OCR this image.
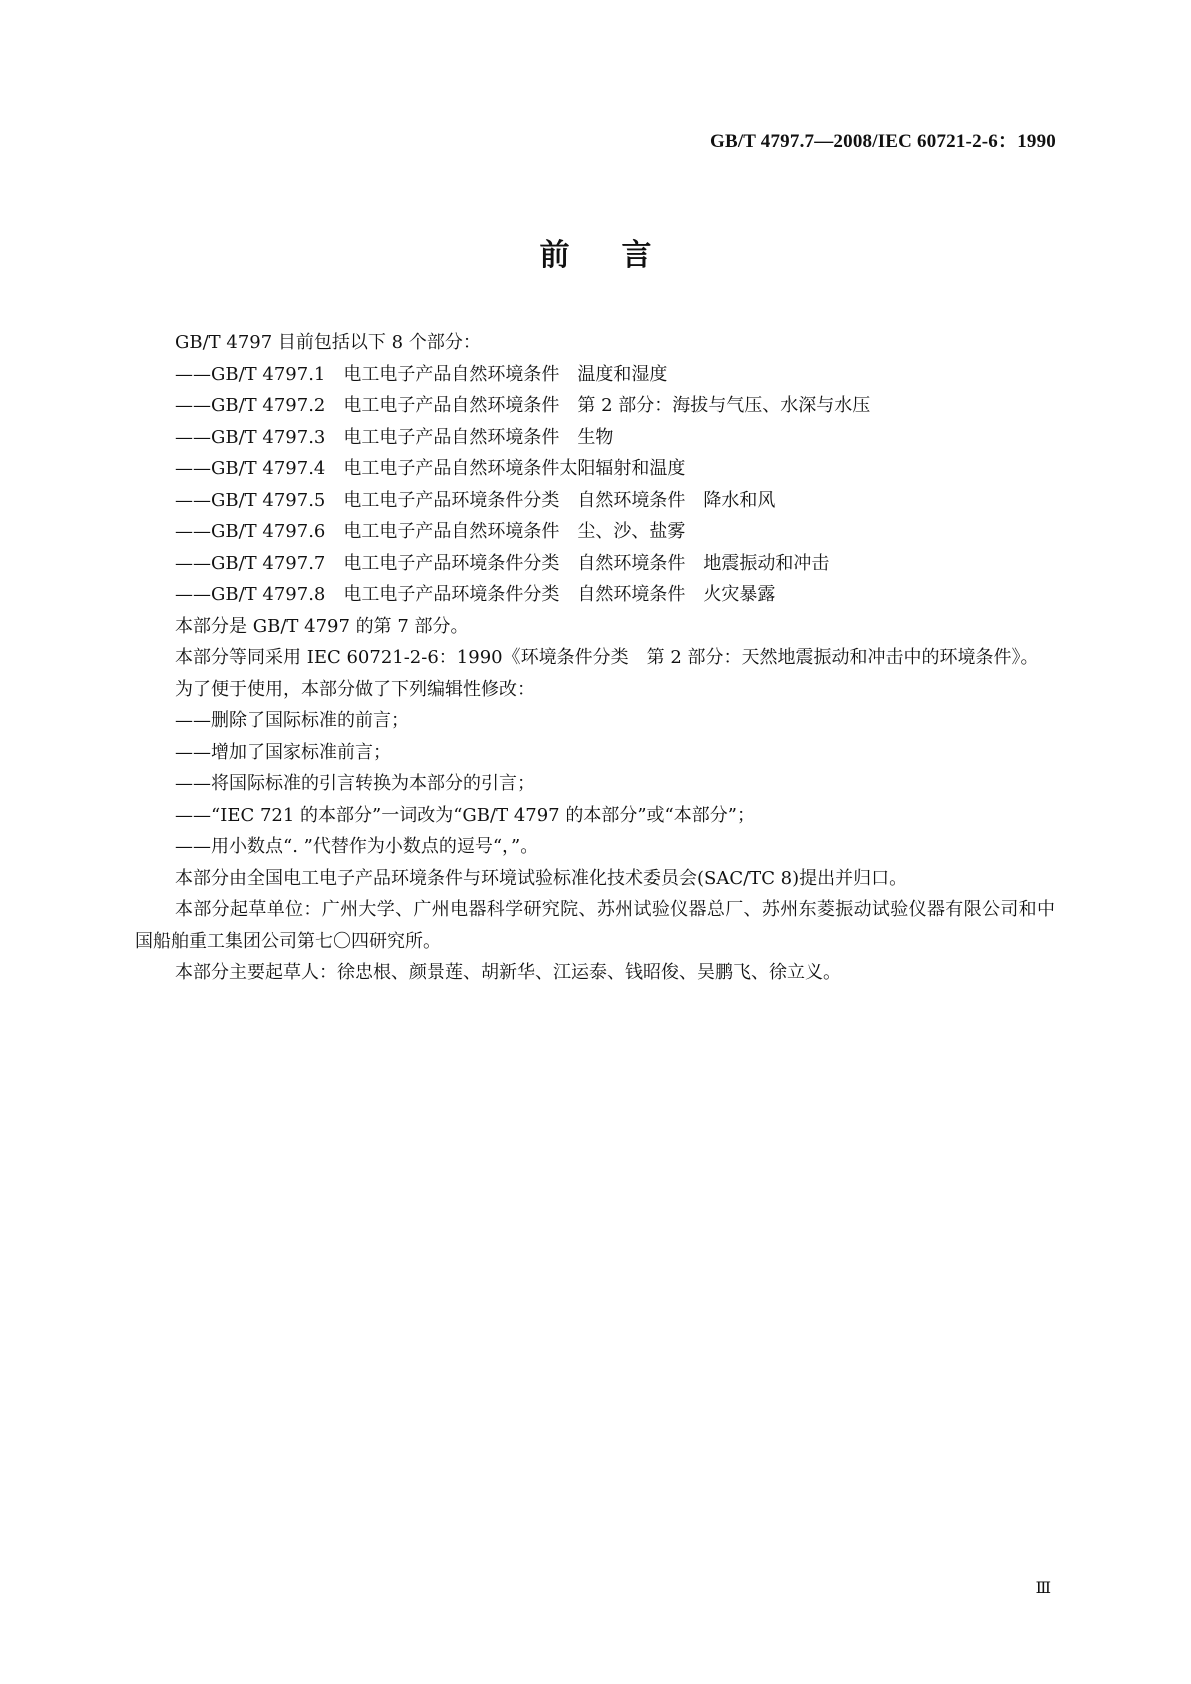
GB/T 4797.7—2008/IEC 60721-2-6：1990
前言

GB/T 4797 目前包括以下 8 个部分：

——GB/T 4797.1　电工电子产品自然环境条件　温度和湿度

——GB/T 4797.2　电工电子产品自然环境条件　第 2 部分：海拔与气压、水深与水压

——GB/T 4797.3　电工电子产品自然环境条件　生物

——GB/T 4797.4　电工电子产品自然环境条件太阳辐射和温度

——GB/T 4797.5　电工电子产品环境条件分类　自然环境条件　降水和风

——GB/T 4797.6　电工电子产品自然环境条件　尘、沙、盐雾

——GB/T 4797.7　电工电子产品环境条件分类　自然环境条件　地震振动和冲击

——GB/T 4797.8　电工电子产品环境条件分类　自然环境条件　火灾暴露

本部分是 GB/T 4797 的第 7 部分。

本部分等同采用 IEC 60721-2-6：1990《环境条件分类　第 2 部分：天然地震振动和冲击中的环境条件》。

为了便于使用，本部分做了下列编辑性修改：

——删除了国际标准的前言；

——增加了国家标准前言；

——将国际标准的引言转换为本部分的引言；

——“IEC 721 的本部分”一词改为“GB/T 4797 的本部分”或“本部分”；

——用小数点“. ”代替作为小数点的逗号“，”。

本部分由全国电工电子产品环境条件与环境试验标准化技术委员会(SAC/TC 8)提出并归口。

本部分起草单位：广州大学、广州电器科学研究院、苏州试验仪器总厂、苏州东菱振动试验仪器有限公司和中国船舶重工集团公司第七〇四研究所。

本部分主要起草人：徐忠根、颜景莲、胡新华、江运泰、钱昭俊、吴鹏飞、徐立义。

Ⅲ
